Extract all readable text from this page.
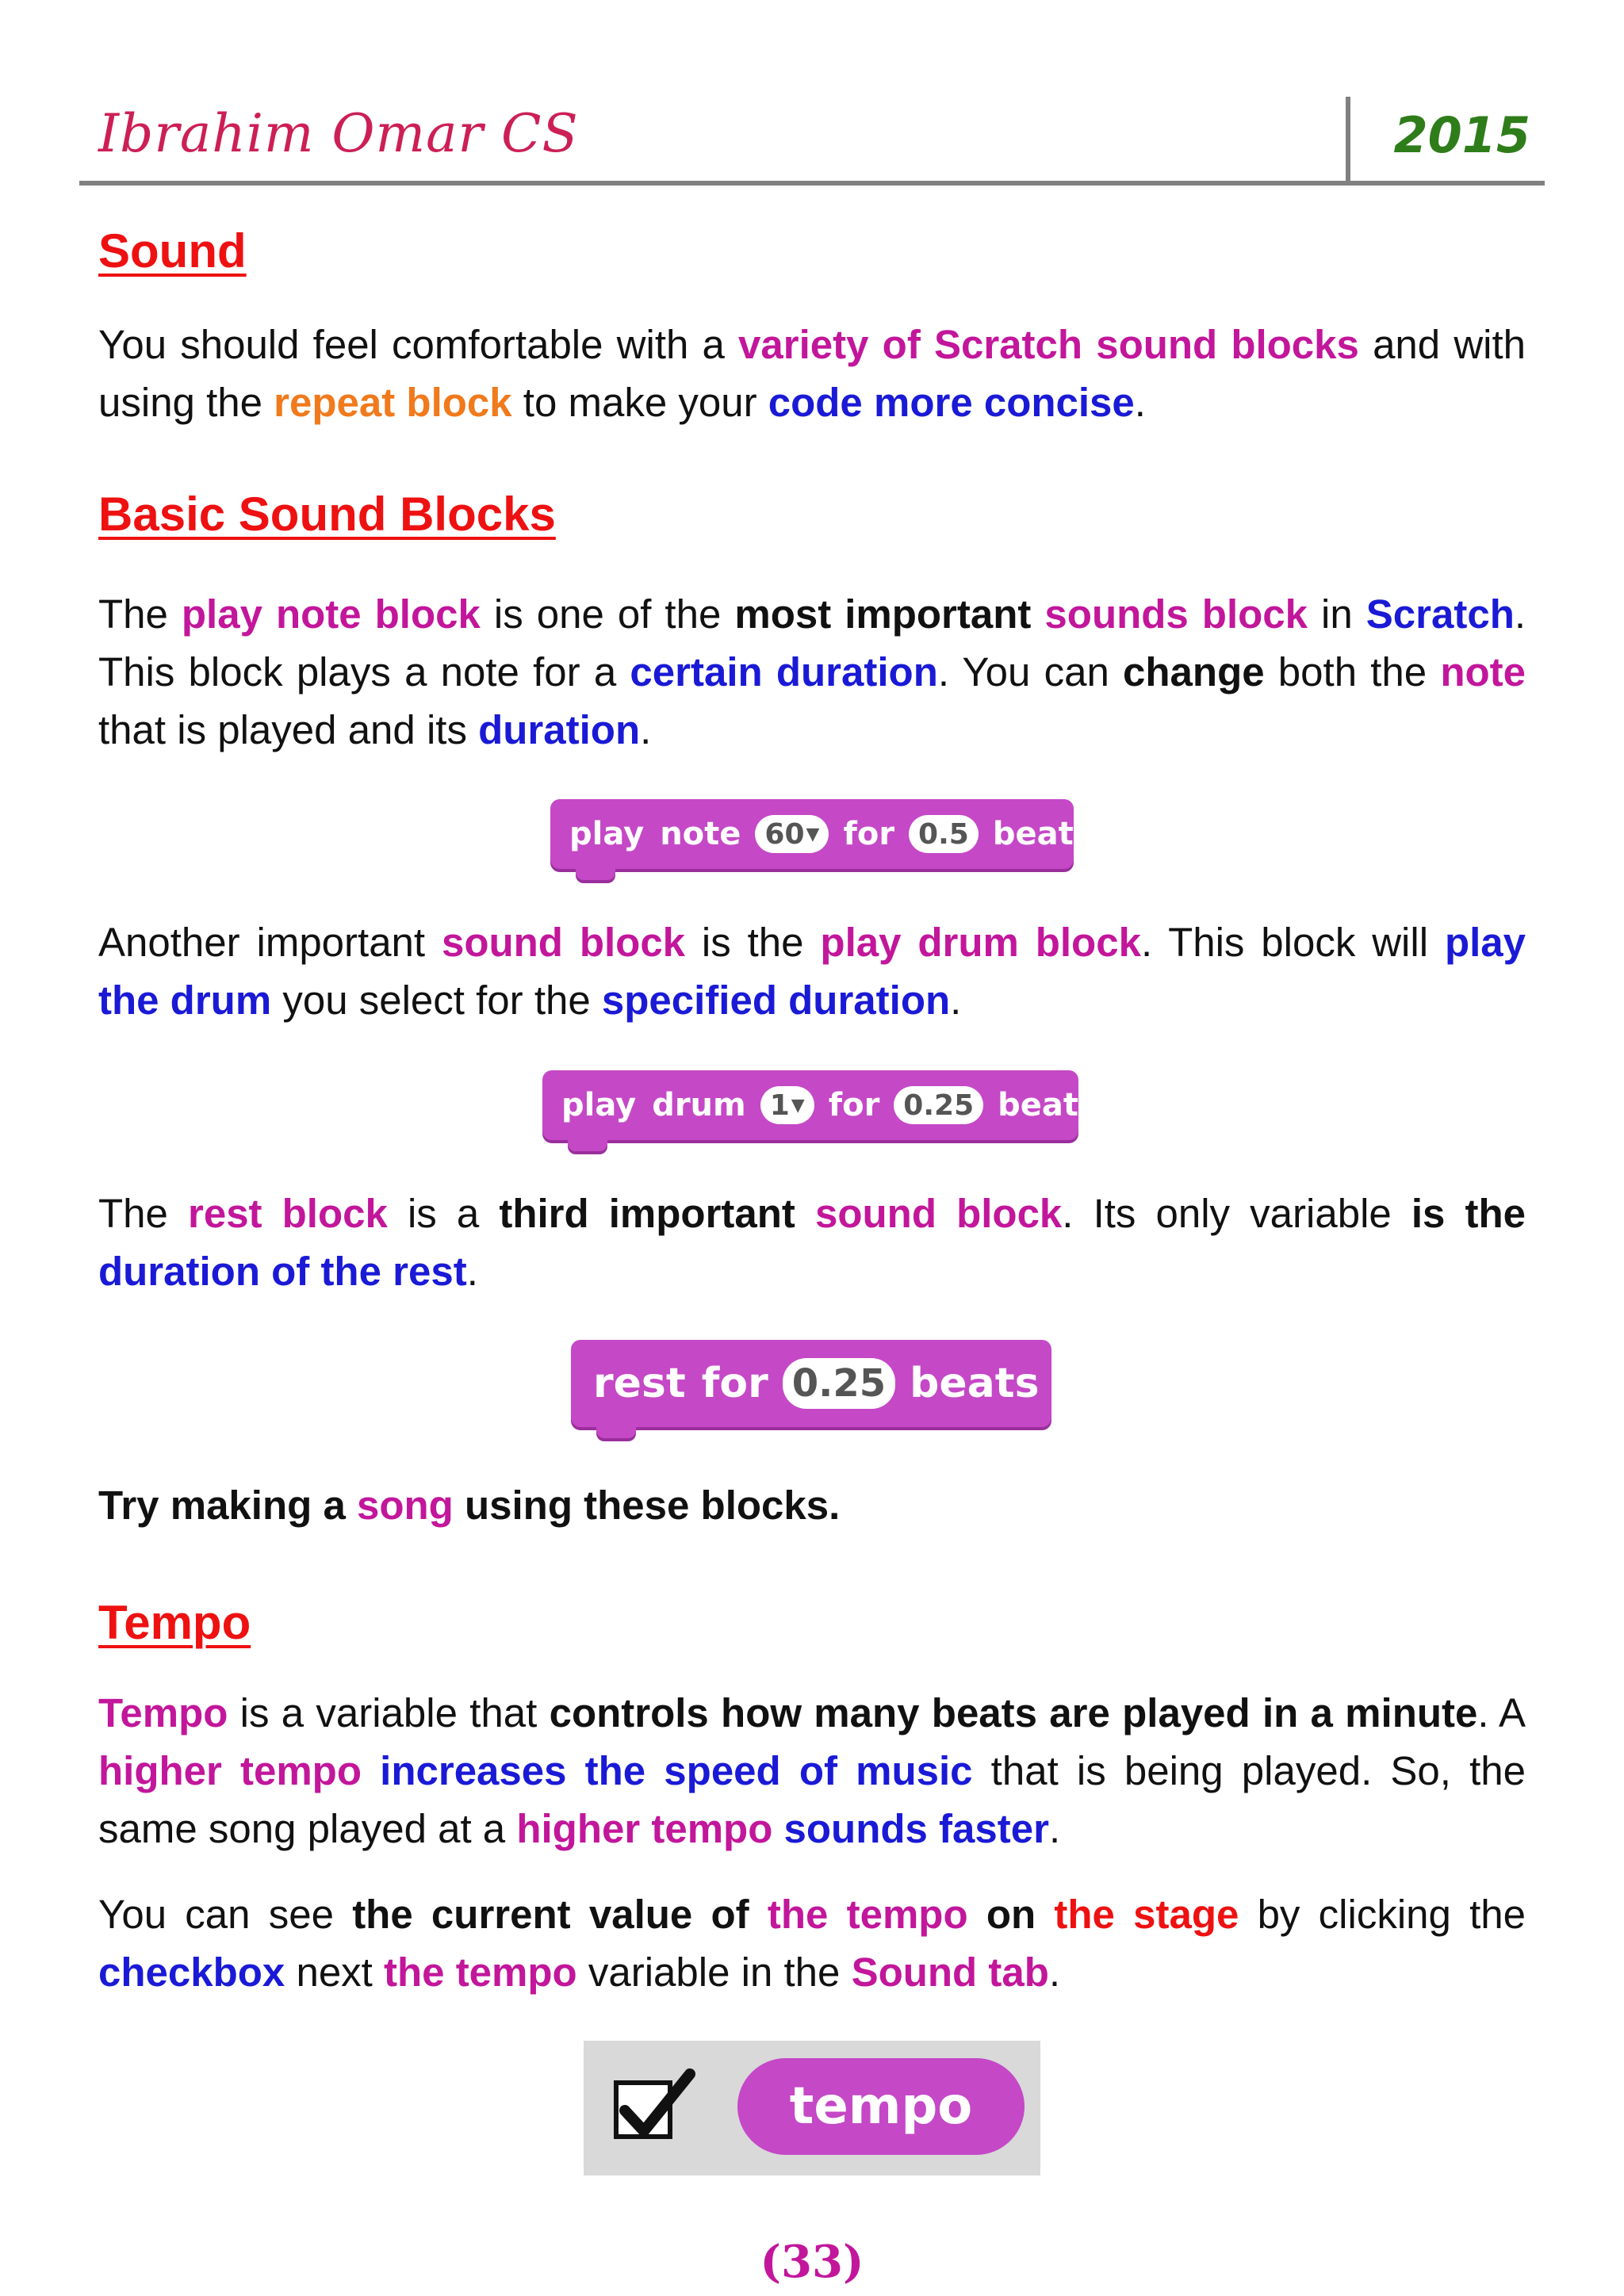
Ibrahim Omar CS	2015
Sound

You should feel comfortable with a variety of Scratch sound blocks and with using the repeat block to make your code more concise.

Basic Sound Blocks

The play note block is one of the most important sounds block in Scratch. This block plays a note for a certain duration. You can change both the note that is played and its duration.

Another important sound block is the play drum block. This block will play the drum you select for the specified duration.

The rest block is a third important sound block. Its only variable is the duration of the rest.

Try making a song using these blocks.

Tempo

Tempo is a variable that controls how many beats are played in a minute. A higher tempo increases the speed of music that is being played. So, the same song played at a higher tempo sounds faster.

You can see the current value of the tempo on the stage by clicking the checkbox next the tempo variable in the Sound tab.

play note 60 ▼ for 0.5 beats
play drum 1 ▼ for 0.25 beats
rest for 0.25 beats
tempo
(33)
